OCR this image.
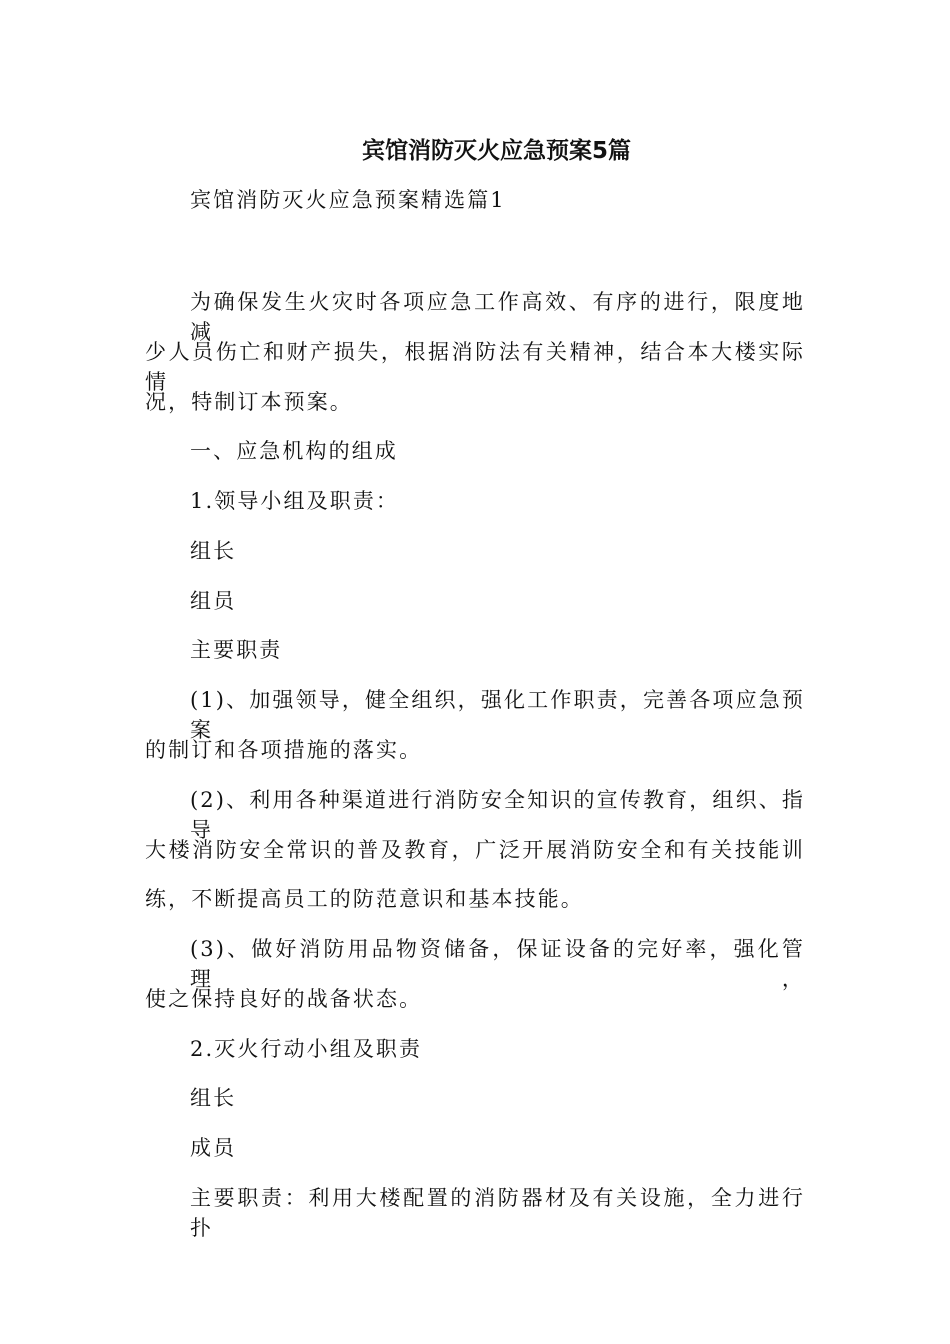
宾馆消防灭火应急预案5篇

宾馆消防灭火应急预案精选篇1

为确保发生火灾时各项应急工作高效、有序的进行，限度地减

少人员伤亡和财产损失，根据消防法有关精神，结合本大楼实际情

况，特制订本预案。

一、应急机构的组成

1.领导小组及职责：

组长

组员

主要职责

(1)、加强领导，健全组织，强化工作职责，完善各项应急预案

的制订和各项措施的落实。

(2)、利用各种渠道进行消防安全知识的宣传教育，组织、指导

大楼消防安全常识的普及教育，广泛开展消防安全和有关技能训

练，不断提高员工的防范意识和基本技能。

(3)、做好消防用品物资储备，保证设备的完好率，强化管理，

使之保持良好的战备状态。

2.灭火行动小组及职责

组长

成员

主要职责：利用大楼配置的消防器材及有关设施，全力进行扑
